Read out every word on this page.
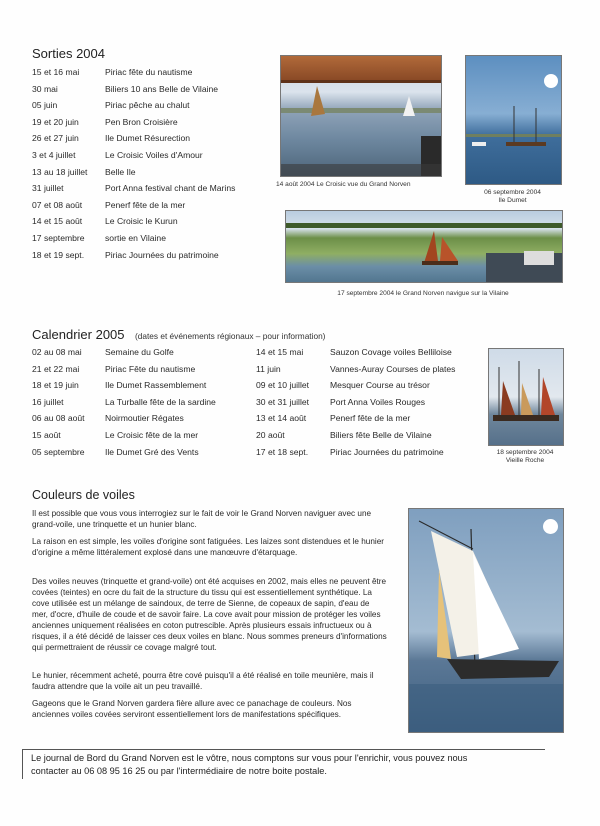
Sorties 2004
15 et 16 mai	Piriac fête du nautisme
30 mai	Biliers 10 ans Belle de Vilaine
05 juin	Piriac pêche au chalut
19 et 20 juin	Pen Bron Croisière
26 et 27 juin	Ile Dumet Résurection
3 et 4 juillet	Le Croisic Voiles d'Amour
13 au 18 juillet Belle Ile
31 juillet	Port Anna festival chant de Marins
07 et 08 août	Penerf fête de la mer
14 et 15 août	Le Croisic le Kurun
17 septembre sortie en Vilaine
18 et 19 sept. Piriac Journées du patrimoine
14 août 2004 Le Croisic vue du Grand Norven
06 septembre 2004
Ile Dumet
17 septembre 2004 le Grand Norven navigue sur la Vilaine
Calendrier 2005 (dates et événements régionaux – pour information)
02 au 08 mai	Semaine du Golfe
21 et 22 mai	Piriac Fête du nautisme
18 et 19 juin	Ile Dumet Rassemblement
16 juillet	La Turballe fête de la sardine
06 au 08 août Noirmoutier Régates
15 août	Le Croisic fête de la mer
05 septembre Ile Dumet Gré des Vents
14 et 15 mai	Sauzon Covage voiles Belliloise
11 juin	Vannes-Auray Courses de plates
09 et 10 juillet Mesquer Course au trésor
30 et 31 juillet Port Anna Voiles Rouges
13 et 14 août	Penerf fête de la mer
20 août	Biliers fête Belle de Vilaine
17 et 18 sept.	Piriac Journées du patrimoine	18 septembre 2004
Vieille Roche
Couleurs de voiles

Il est possible que vous vous interrogiez sur le fait de voir le Grand Norven naviguer avec une grand-voile, une trinquette et un hunier blanc.

La raison en est simple, les voiles d'origine sont fatiguées. Les laizes sont distendues et le hunier d'origine a même littéralement explosé dans une manœuvre d'étarquage.

Des voiles neuves (trinquette et grand-voile) ont été acquises en 2002, mais elles ne peuvent être covées (teintes) en ocre du fait de la structure du tissu qui est essentiellement synthétique. La cove utilisée est un mélange de saindoux, de terre de Sienne, de copeaux de sapin, d'eau de mer, d'ocre, d'huile de coude et de savoir faire. La cove avait pour mission de protéger les voiles anciennes uniquement réalisées en coton putrescible. Après plusieurs essais infructueux ou à risques, il a été décidé de laisser ces deux voiles en blanc. Nous sommes preneurs d'informations qui permettraient de réussir ce covage malgré tout.

Le hunier, récemment acheté, pourra être cové puisqu'il a été réalisé en toile meunière, mais il faudra attendre que la voile ait un peu travaillé.

Gageons que le Grand Norven gardera fière allure avec ce panachage de couleurs. Nos anciennes voiles covées serviront essentiellement lors de manifestations spécifiques.

Le journal de Bord du Grand Norven est le vôtre, nous comptons sur vous pour l'enrichir, vous pouvez nous
contacter au 06 08 95 16 25 ou par l'intermédiaire de notre boite postale.
